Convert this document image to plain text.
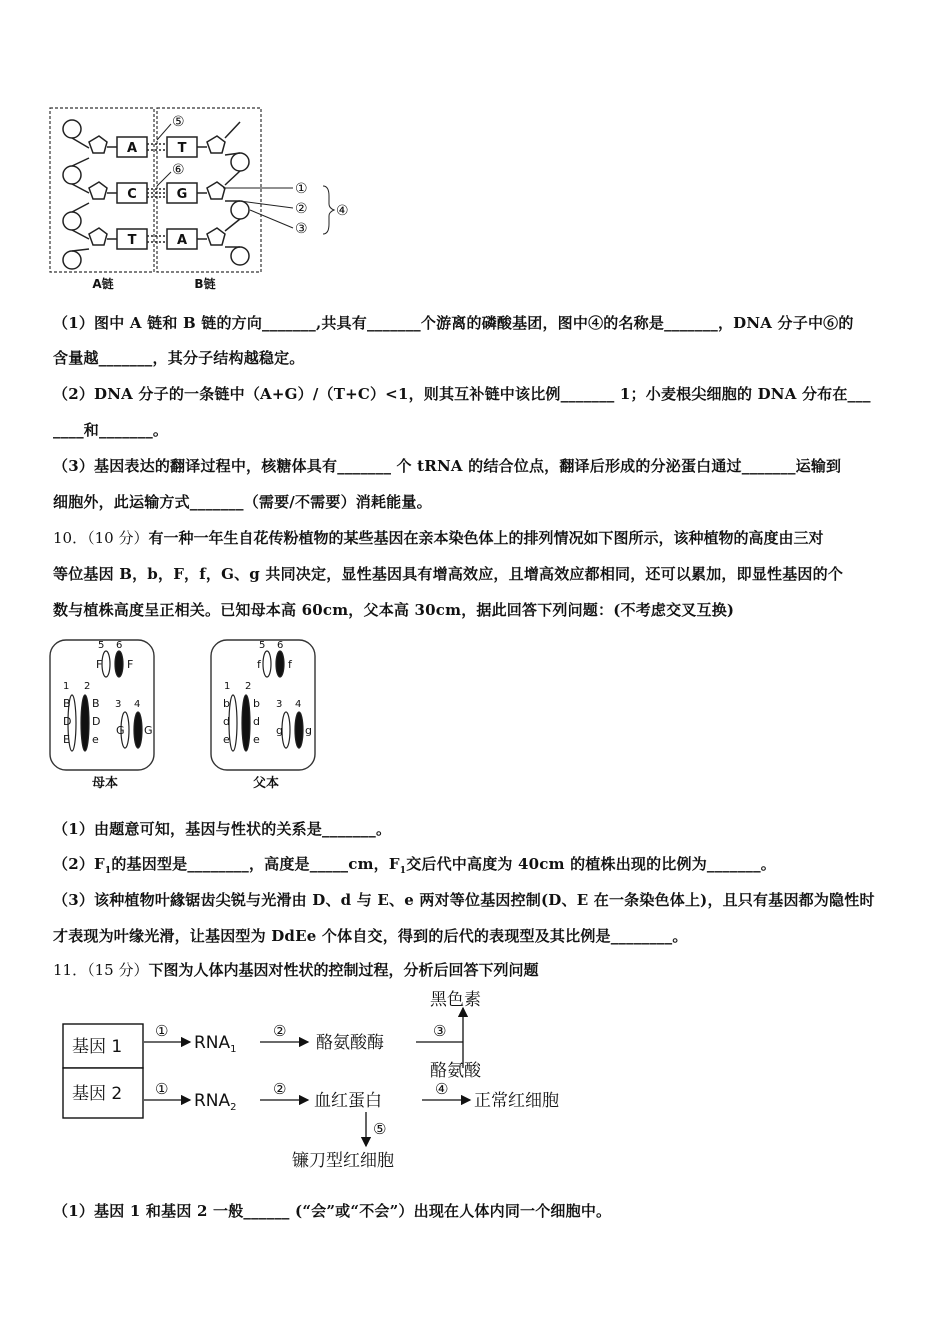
A
C
T
T
G
A
⑤
⑥
①
②
③
④
A链	B链
（1）图中 A 链和 B 链的方向_______,共具有_______个游离的磷酸基团，图中④的名称是_______，DNA 分子中⑥的
含量越_______，其分子结构越稳定。
（2）DNA 分子的一条链中（A+G）/（T+C）<1，则其互补链中该比例_______ 1；小麦根尖细胞的 DNA 分布在___
____和_______。
（3）基因表达的翻译过程中，核糖体具有_______ 个 tRNA 的结合位点，翻译后形成的分泌蛋白通过_______运输到
细胞外，此运输方式_______（需要/不需要）消耗能量。
10．（10 分）有一种一年生自花传粉植物的某些基因在亲本染色体上的排列情况如下图所示，该种植物的高度由三对
等位基因 B，b，F，f，G、g 共同决定，显性基因具有增高效应，且增高效应都相同，还可以累加，即显性基因的个
数与植株高度呈正相关。已知母本高 60cm，父本高 30cm，据此回答下列问题：(不考虑交叉互换)
5 6
1 2
3 4
F F
B
D
E
B
D
e
G G
母本
5 6
1 2
3 4
f f
b
d
e
b
d
e
g g
父本
（1）由题意可知，基因与性状的关系是_______。
$(2)F_1$的基因型是________，高度是_____cm，$F_1$交后代中高度为 40cm 的植株出现的比例为_______。
（3）该种植物叶緣锯齿尖锐与光滑由 D、d 与 E、e 两对等位基因控制(D、E 在一条染色体上)，且只有基因都为隐性时
才表现为叶缘光滑，让基因型为 DdEe 个体自交，得到的后代的表现型及其比例是________。
11．（15 分）下图为人体内基因对性状的控制过程，分析后回答下列问题
基因 1
基因 2
①	②	③
①	②	④
⑤
$RNA_1$
$RNA_2$
酪氨酸酶
黑色素
酪氨酸
血红蛋白	正常红细胞
镰刀型红细胞
（1）基因 1 和基因 2 一般______ (“会”或“不会”）出现在人体内同一个细胞中。
